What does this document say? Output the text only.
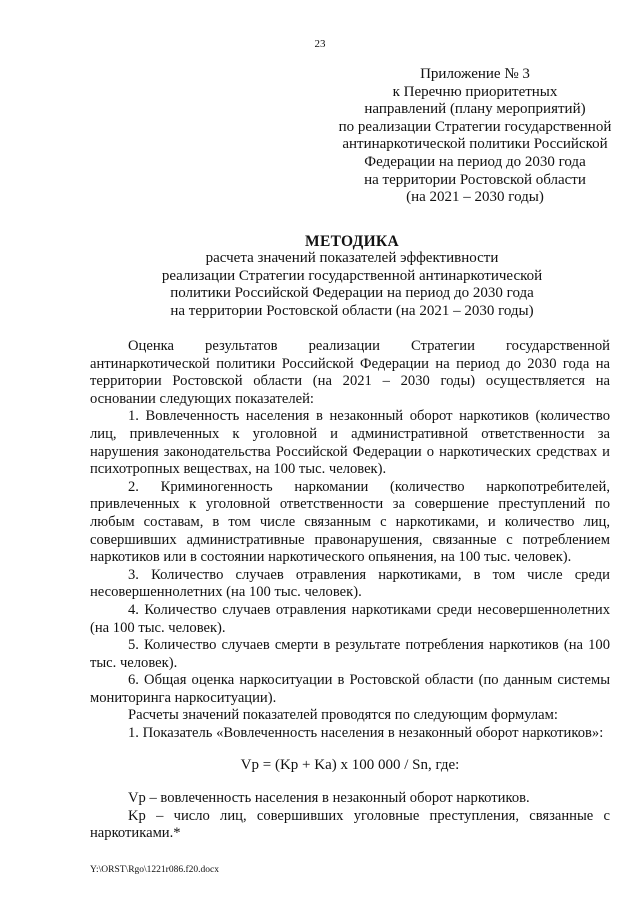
23
Приложение № 3
к Перечню приоритетных
направлений (плану мероприятий)
по реализации Стратегии государственной
антинаркотической политики Российской
Федерации на период до 2030 года
на территории Ростовской области
(на 2021 – 2030 годы)
МЕТОДИКА
расчета значений показателей эффективности
реализации Стратегии государственной антинаркотической
политики Российской Федерации на период до 2030 года
на территории Ростовской области (на 2021 – 2030 годы)

Оценка результатов реализации Стратегии государственной антинаркотической политики Российской Федерации на период до 2030 года на территории Ростовской области (на 2021 – 2030 годы) осуществляется на основании следующих показателей:

1. Вовлеченность населения в незаконный оборот наркотиков (количество лиц, привлеченных к уголовной и административной ответственности за нарушения законодательства Российской Федерации о наркотических средствах и психотропных веществах, на 100 тыс. человек).

2. Криминогенность наркомании (количество наркопотребителей, привлеченных к уголовной ответственности за совершение преступлений по любым составам, в том числе связанным с наркотиками, и количество лиц, совершивших административные правонарушения, связанные с потреблением наркотиков или в состоянии наркотического опьянения, на 100 тыс. человек).

3. Количество случаев отравления наркотиками, в том числе среди несовершеннолетних (на 100 тыс. человек).

4. Количество случаев отравления наркотиками среди несовершеннолетних (на 100 тыс. человек).

5. Количество случаев смерти в результате потребления наркотиков (на 100 тыс. человек).

6. Общая оценка наркоситуации в Ростовской области (по данным системы мониторинга наркоситуации).

Расчеты значений показателей проводятся по следующим формулам:

1. Показатель «Вовлеченность населения в незаконный оборот наркотиков»:

Vp = (Kp + Ka) x 100 000 / Sn, где:

Vp – вовлеченность населения в незаконный оборот наркотиков.

Kp – число лиц, совершивших уголовные преступления, связанные с наркотиками.*

Y:\ORST\Rgo\1221r086.f20.docx
